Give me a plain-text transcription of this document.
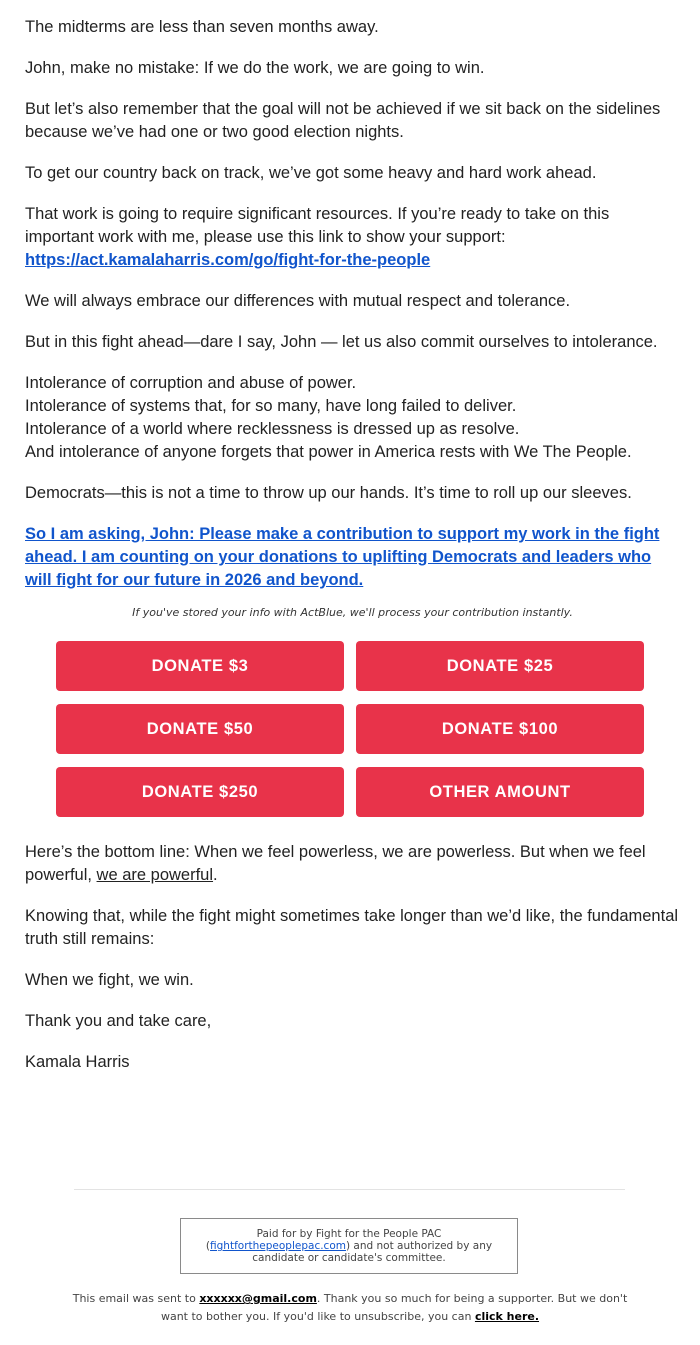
The midterms are less than seven months away.

John, make no mistake: If we do the work, we are going to win.

But let’s also remember that the goal will not be achieved if we sit back on the sidelines because we’ve had one or two good election nights.

To get our country back on track, we’ve got some heavy and hard work ahead.

That work is going to require significant resources. If you’re ready to take on this important work with me, please use this link to show your support: https://act.kamalaharris.com/go/fight-for-the-people

We will always embrace our differences with mutual respect and tolerance.

But in this fight ahead—dare I say, John — let us also commit ourselves to intolerance.

Intolerance of corruption and abuse of power.
Intolerance of systems that, for so many, have long failed to deliver.
Intolerance of a world where recklessness is dressed up as resolve.
And intolerance of anyone forgets that power in America rests with We The People.

Democrats—this is not a time to throw up our hands. It’s time to roll up our sleeves.

So I am asking, John: Please make a contribution to support my work in the fight ahead. I am counting on your donations to uplifting Democrats and leaders who will fight for our future in 2026 and beyond.
If you've stored your info with ActBlue, we'll process your contribution instantly.
DONATE $3	DONATE $25
DONATE $50	DONATE $100
DONATE $250	OTHER AMOUNT

Here’s the bottom line: When we feel powerless, we are powerless. But when we feel powerful, we are powerful.

Knowing that, while the fight might sometimes take longer than we’d like, the fundamental truth still remains:

When we fight, we win.

Thank you and take care,

Kamala Harris

Paid for by Fight for the People PAC
(fightforthepeoplepac.com) and not authorized by any candidate or candidate's committee.
This email was sent to xxxxxx@gmail.com. Thank you so much for being a supporter. But we don't want to bother you. If you'd like to unsubscribe, you can click here.
